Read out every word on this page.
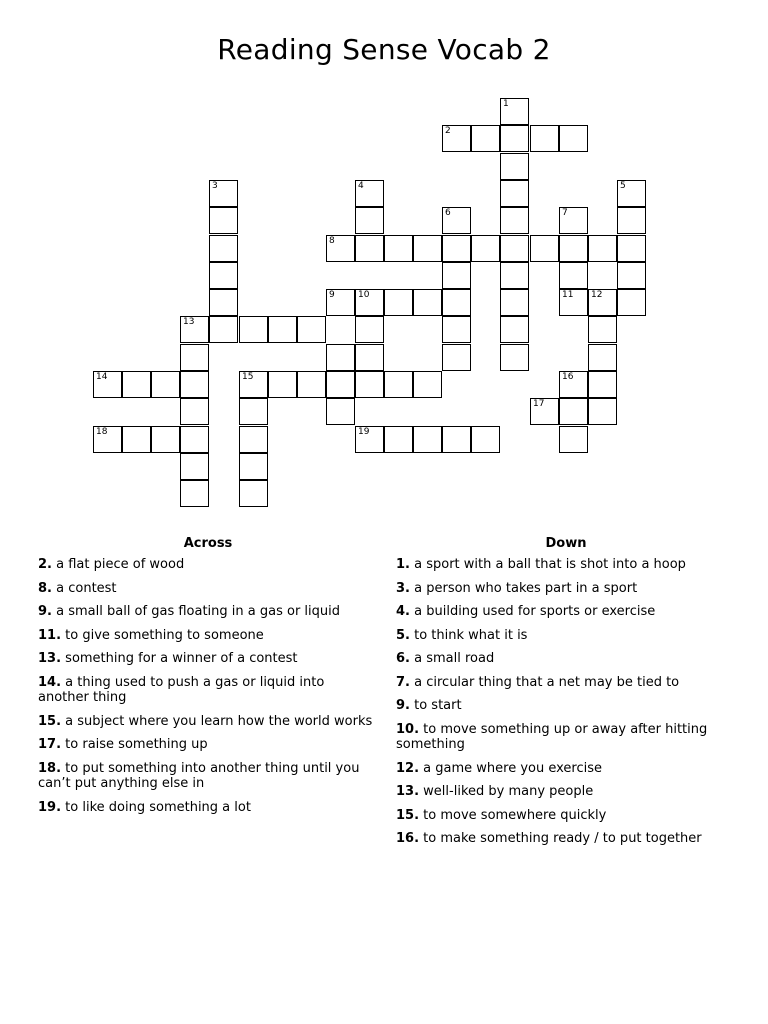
Reading Sense Vocab 2
1
2
3	4	5
6	7
8
9	10	11 12
13
14	15	16
17
18	19
Across
2. a flat piece of wood
8. a contest
9. a small ball of gas floating in a gas or liquid
11. to give something to someone
13. something for a winner of a contest
14. a thing used to push a gas or liquid into another thing
15. a subject where you learn how the world works
17. to raise something up
18. to put something into another thing until you can’t put anything else in
19. to like doing something a lot
Down
1. a sport with a ball that is shot into a hoop
3. a person who takes part in a sport
4. a building used for sports or exercise
5. to think what it is
6. a small road
7. a circular thing that a net may be tied to
9. to start
10. to move something up or away after hitting something
12. a game where you exercise
13. well-liked by many people
15. to move somewhere quickly
16. to make something ready / to put together
